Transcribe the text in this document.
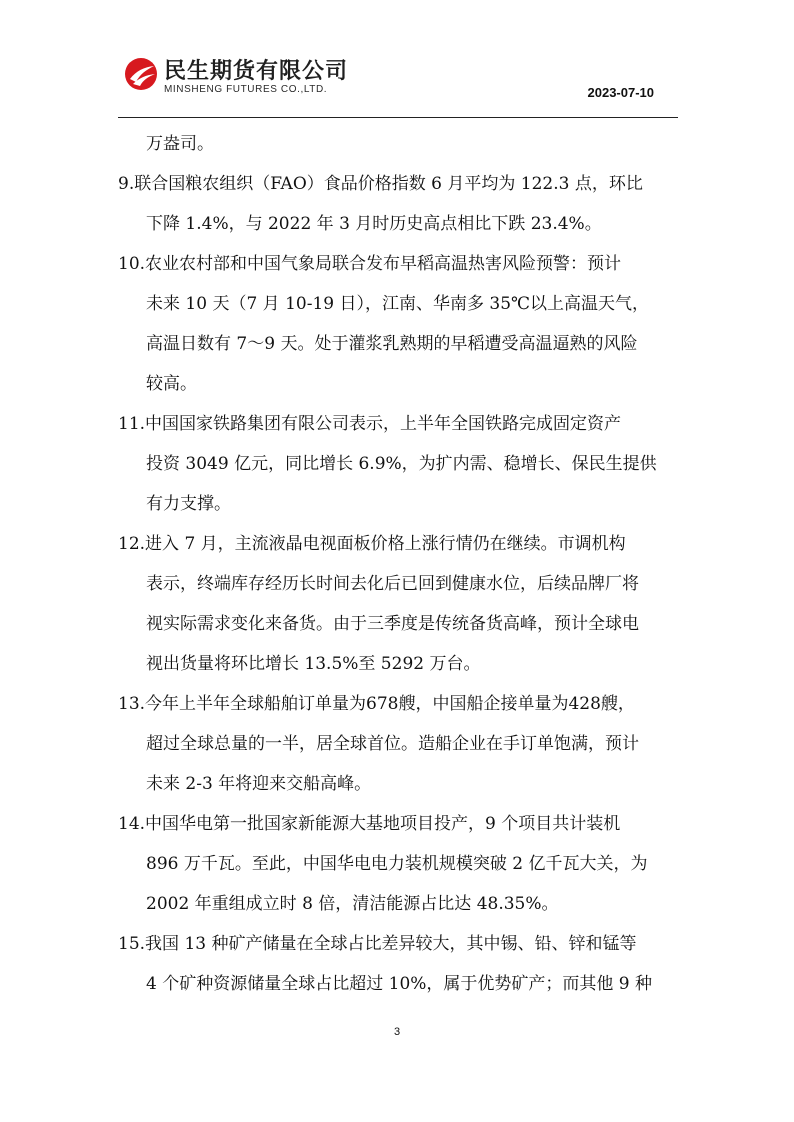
民生期货有限公司
MINSHENG FUTURES CO.,LTD.	2023-07-10
万盎司。
9.联合国粮农组织（FAO）食品价格指数 6 月平均为 122.3 点，环比
下降 1.4%，与 2022 年 3 月时历史高点相比下跌 23.4%。
10.农业农村部和中国气象局联合发布早稻高温热害风险预警：预计
未来 10 天（7 月 10-19 日），江南、华南多 35℃以上高温天气，
高温日数有 7～9 天。处于灌浆乳熟期的早稻遭受高温逼熟的风险
较高。
11.中国国家铁路集团有限公司表示，上半年全国铁路完成固定资产
投资 3049 亿元，同比增长 6.9%，为扩内需、稳增长、保民生提供
有力支撑。
12.进入 7 月，主流液晶电视面板价格上涨行情仍在继续。市调机构
表示，终端库存经历长时间去化后已回到健康水位，后续品牌厂将
视实际需求变化来备货。由于三季度是传统备货高峰，预计全球电
视出货量将环比增长 13.5%至 5292 万台。
13.今年上半年全球船舶订单量为678艘，中国船企接单量为428艘，
超过全球总量的一半，居全球首位。造船企业在手订单饱满，预计
未来 2-3 年将迎来交船高峰。
14.中国华电第一批国家新能源大基地项目投产，9 个项目共计装机
896 万千瓦。至此，中国华电电力装机规模突破 2 亿千瓦大关，为
2002 年重组成立时 8 倍，清洁能源占比达 48.35%。
15.我国 13 种矿产储量在全球占比差异较大，其中锡、铅、锌和锰等
4 个矿种资源储量全球占比超过 10%，属于优势矿产；而其他 9 种
3
